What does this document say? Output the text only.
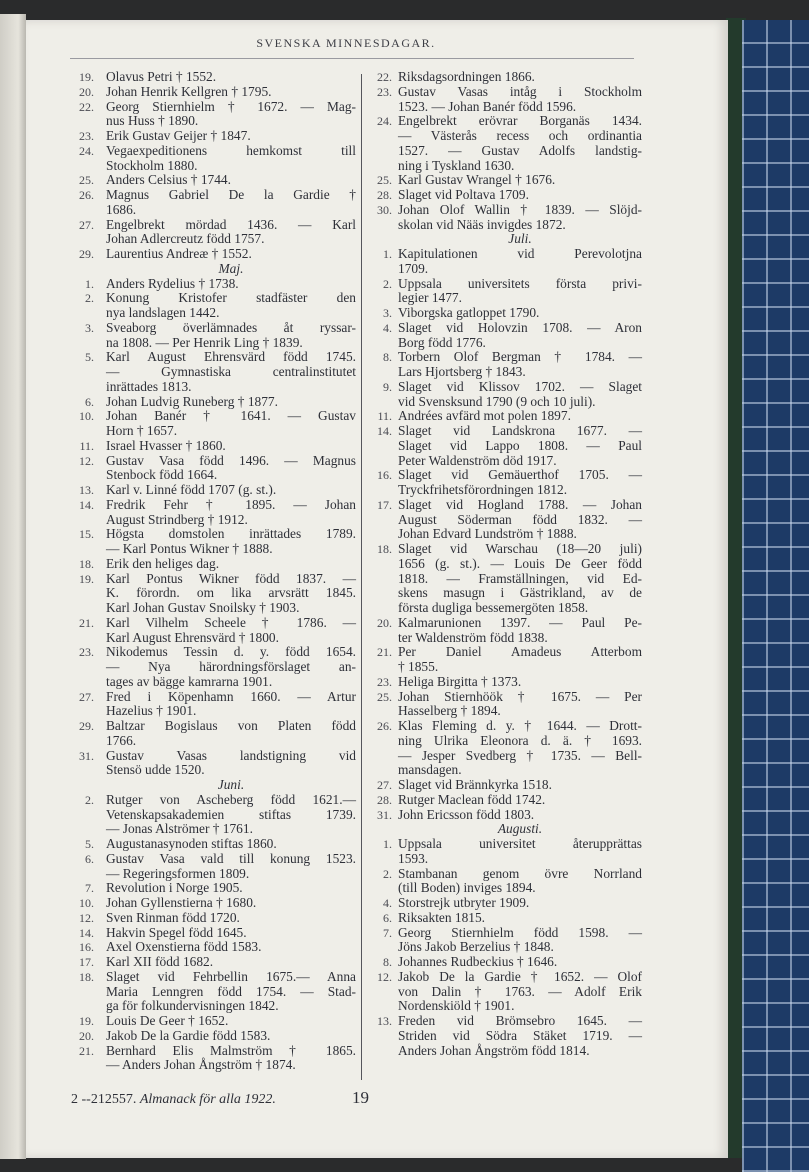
SVENSKA MINNESDAGAR.
19. Olavus Petri † 1552.
20. Johan Henrik Kellgren † 1795.
22. Georg Stiernhielm † 1672. — Mag-
nus Huss † 1890.
23. Erik Gustav Geijer † 1847.
24. Vegaexpeditionens hemkomst till
Stockholm 1880.
25. Anders Celsius † 1744.
26. Magnus Gabriel De la Gardie †
1686.
27. Engelbrekt mördad 1436. — Karl
Johan Adlercreutz född 1757.
29. Laurentius Andreæ † 1552.
Maj.
1. Anders Rydelius † 1738.
2. Konung Kristofer stadfäster den
nya landslagen 1442.
3. Sveaborg överlämnades åt ryssar-
na 1808. — Per Henrik Ling † 1839.
5. Karl August Ehrensvärd född 1745.
— Gymnastiska centralinstitutet
inrättades 1813.
6. Johan Ludvig Runeberg † 1877.
10. Johan Banér † 1641. — Gustav
Horn † 1657.
11. Israel Hvasser † 1860.
12. Gustav Vasa född 1496. — Magnus
Stenbock född 1664.
13. Karl v. Linné född 1707 (g. st.).
14. Fredrik Fehr † 1895. — Johan
August Strindberg † 1912.
15. Högsta domstolen inrättades 1789.
— Karl Pontus Wikner † 1888.
18. Erik den heliges dag.
19. Karl Pontus Wikner född 1837. —
K. förordn. om lika arvsrätt 1845.
Karl Johan Gustav Snoilsky † 1903.
21. Karl Vilhelm Scheele † 1786. —
Karl August Ehrensvärd † 1800.
23. Nikodemus Tessin d. y. född 1654.
— Nya härordningsförslaget an-
tages av bägge kamrarna 1901.
27. Fred i Köpenhamn 1660. — Artur
Hazelius † 1901.
29. Baltzar Bogislaus von Platen född
1766.
31. Gustav Vasas landstigning vid
Stensö udde 1520.
Juni.
2. Rutger von Ascheberg född 1621.—
Vetenskapsakademien stiftas 1739.
— Jonas Alströmer † 1761.
5. Augustanasynoden stiftas 1860.
6. Gustav Vasa vald till konung 1523.
— Regeringsformen 1809.
7. Revolution i Norge 1905.
10. Johan Gyllenstierna † 1680.
12. Sven Rinman född 1720.
14. Hakvin Spegel född 1645.
16. Axel Oxenstierna född 1583.
17. Karl XII född 1682.
18. Slaget vid Fehrbellin 1675.— Anna
Maria Lenngren född 1754. — Stad-
ga för folkundervisningen 1842.
19. Louis De Geer † 1652.
20. Jakob De la Gardie född 1583.
21. Bernhard Elis Malmström † 1865.
— Anders Johan Ångström † 1874.
22. Riksdagsordningen 1866.
23. Gustav Vasas intåg i Stockholm
1523. — Johan Banér född 1596.
24. Engelbrekt erövrar Borganäs 1434.
— Västerås recess och ordinantia
1527. — Gustav Adolfs landstig-
ning i Tyskland 1630.
25. Karl Gustav Wrangel † 1676.
28. Slaget vid Poltava 1709.
30. Johan Olof Wallin † 1839. — Slöjd-
skolan vid Nääs invigdes 1872.
Juli.
1. Kapitulationen vid Perevolotjna
1709.
2. Uppsala universitets första privi-
legier 1477.
3. Viborgska gatloppet 1790.
4. Slaget vid Holovzin 1708. — Aron
Borg född 1776.
8. Torbern Olof Bergman † 1784. —
Lars Hjortsberg † 1843.
9. Slaget vid Klissov 1702. — Slaget
vid Svensksund 1790 (9 och 10 juli).
11. Andrées avfärd mot polen 1897.
14. Slaget vid Landskrona 1677. —
Slaget vid Lappo 1808. — Paul
Peter Waldenström död 1917.
16. Slaget vid Gemäuerthof 1705. —
Tryckfrihetsförordningen 1812.
17. Slaget vid Hogland 1788. — Johan
August Söderman född 1832. —
Johan Edvard Lundström † 1888.
18. Slaget vid Warschau (18—20 juli)
1656 (g. st.). — Louis De Geer född
1818. — Framställningen, vid Ed-
skens masugn i Gästrikland, av de
första dugliga bessemergöten 1858.
20. Kalmarunionen 1397. — Paul Pe-
ter Waldenström född 1838.
21. Per Daniel Amadeus Atterbom
† 1855.
23. Heliga Birgitta † 1373.
25. Johan Stiernhöök † 1675. — Per
Hasselberg † 1894.
26. Klas Fleming d. y. † 1644. — Drott-
ning Ulrika Eleonora d. ä. † 1693.
— Jesper Svedberg † 1735. — Bell-
mansdagen.
27. Slaget vid Brännkyrka 1518.
28. Rutger Maclean född 1742.
31. John Ericsson född 1803.
Augusti.
1. Uppsala universitet återupprättas
1593.
2. Stambanan genom övre Norrland
(till Boden) inviges 1894.
4. Storstrejk utbryter 1909.
6. Riksakten 1815.
7. Georg Stiernhielm född 1598. —
Jöns Jakob Berzelius † 1848.
8. Johannes Rudbeckius † 1646.
12. Jakob De la Gardie † 1652. — Olof
von Dalin † 1763. — Adolf Erik
Nordenskiöld † 1901.
13. Freden vid Brömsebro 1645. —
Striden vid Södra Stäket 1719. —
Anders Johan Ångström född 1814.
2 --212557. Almanack för alla 1922.	19
